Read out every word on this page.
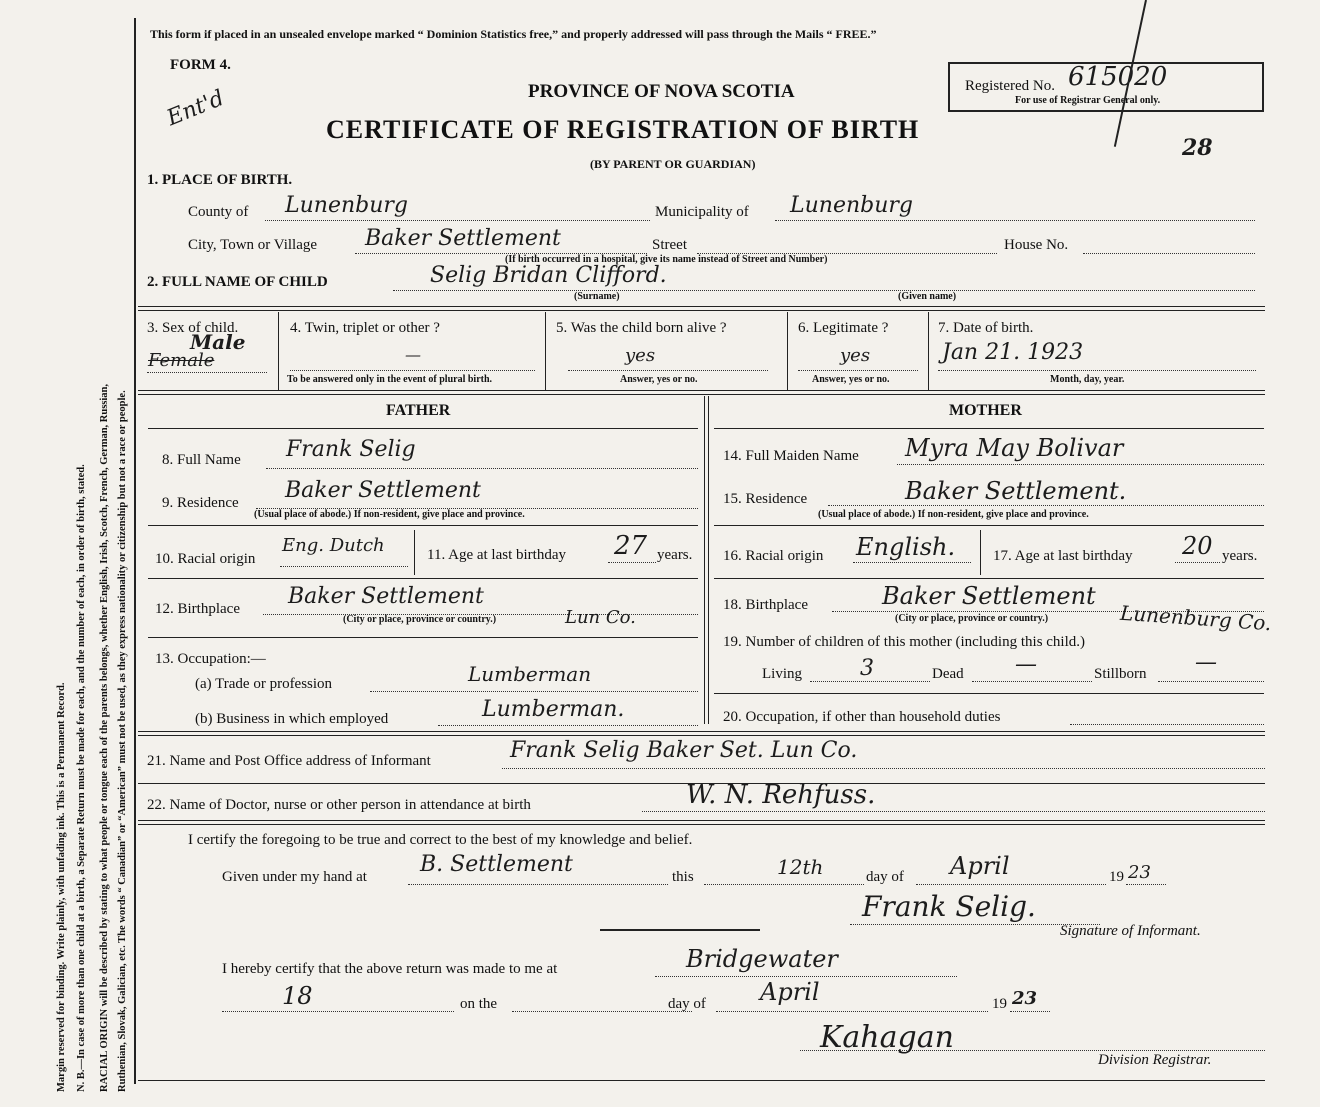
Margin reserved for binding. Write plainly, with unfading ink. This is a Permanent Record. N. B.—In case of more than one child at a birth, a Separate Return must be made for each, and the number of each, in order of birth, stated. RACIAL ORIGIN will be described by stating to what people or tongue each of the parents belongs, whether English, Irish, Scotch, French, German, Russian, Ruthenian, Slovak, Galician, etc. The words “ Canadian” or “American” must not be used, as they express nationality or citizenship but not a race or people.
This form if placed in an unsealed envelope marked “ Dominion Statistics free,” and properly addressed will pass through the Mails “ FREE.”
FORM 4.
Ent'd	PROVINCE OF NOVA SCOTIA
CERTIFICATE OF REGISTRATION OF BIRTH
(BY PARENT OR GUARDIAN)
Registered No. 615020
For use of Registrar General only.
28
1. PLACE OF BIRTH.
County of Lunenburg	Municipality of Lunenburg
City, Town or Village Baker Settlement	Street	House No.
(If birth occurred in a hospital, give its name instead of Street and Number)
2. FULL NAME OF CHILD	Selig Bridan Clifford.
(Surname)	(Given name)
3. Sex of child.
Male
Female
4. Twin, triplet or other ?
—
To be answered only in the event of plural birth.
5. Was the child born alive ?
yes
Answer, yes or no.
6. Legitimate ?
yes
Answer, yes or no.
7. Date of birth.
Jan 21. 1923
Month, day, year.
FATHER	MOTHER
8. Full Name Frank Selig
9. Residence Baker Settlement
(Usual place of abode.) If non-resident, give place and province.
10. Racial origin
Eng. Dutch	11. Age at last birthday 27 years.
12. Birthplace Baker Settlement
Lun Co.
(City or place, province or country.)
13. Occupation:—
(a) Trade or profession	Lumberman
(b) Business in which employed	Lumberman.
14. Full Maiden Name Myra May Bolivar
15. Residence	Baker Settlement.
(Usual place of abode.) If non-resident, give place and province.
16. Racial origin English.	17. Age at last birthday 20 years.
18. Birthplace	Baker Settlement
Lunenburg Co.
(City or place, province or country.)
19. Number of children of this mother (including this child.)
Living	3	Dead —	Stillborn —
20. Occupation, if other than household duties
21. Name and Post Office address of Informant	Frank Selig Baker Set. Lun Co.
22. Name of Doctor, nurse or other person in attendance at birth	W. N. Rehfuss.
I certify the foregoing to be true and correct to the best of my knowledge and belief.
Given under my hand at B. Settlement	this	12th	day of April	19 23
Frank Selig.
Signature of Informant.
I hereby certify that the above return was made to me at	Bridgewater
18	on the	day of April	19 23
Kahagan
Division Registrar.
